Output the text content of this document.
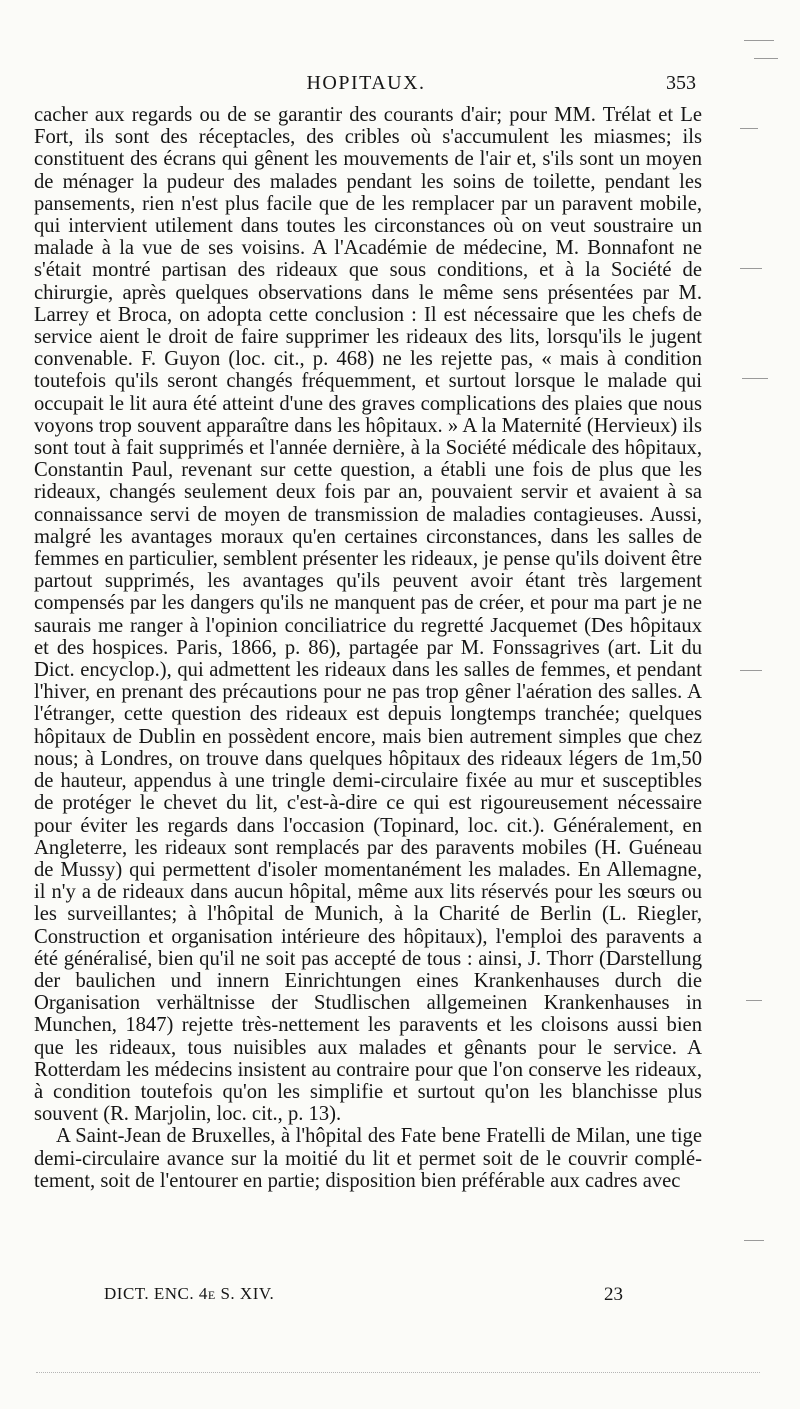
HOPITAUX.	353

cacher aux regards ou de se garantir des courants d'air; pour MM. Trélat et Le Fort, ils sont des réceptacles, des cribles où s'accumulent les miasmes; ils constituent des écrans qui gênent les mouvements de l'air et, s'ils sont un moyen de ménager la pudeur des malades pendant les soins de toilette, pendant les pansements, rien n'est plus facile que de les remplacer par un paravent mobile, qui intervient utilement dans toutes les circonstances où on veut soustraire un malade à la vue de ses voisins. A l'Académie de médecine, M. Bonnafont ne s'était montré partisan des rideaux que sous conditions, et à la Société de chirurgie, après quelques observations dans le même sens présentées par M. Larrey et Broca, on adopta cette conclusion : Il est nécessaire que les chefs de service aient le droit de faire supprimer les rideaux des lits, lorsqu'ils le jugent convenable. F. Guyon (loc. cit., p. 468) ne les rejette pas, « mais à condition toutefois qu'ils seront changés fréquemment, et surtout lorsque le malade qui occupait le lit aura été atteint d'une des graves complications des plaies que nous voyons trop souvent apparaître dans les hôpitaux. » A la Maternité (Hervieux) ils sont tout à fait supprimés et l'année dernière, à la Société médicale des hôpitaux, Constantin Paul, revenant sur cette question, a établi une fois de plus que les rideaux, changés seulement deux fois par an, pouvaient servir et avaient à sa connaissance servi de moyen de transmission de maladies contagieuses. Aussi, malgré les avantages moraux qu'en certaines circonstances, dans les salles de femmes en particulier, semblent présenter les rideaux, je pense qu'ils doivent être partout supprimés, les avantages qu'ils peuvent avoir étant très largement compensés par les dangers qu'ils ne manquent pas de créer, et pour ma part je ne saurais me ranger à l'opinion conciliatrice du regretté Jacquemet (Des hôpitaux et des hospices. Paris, 1866, p. 86), partagée par M. Fonssagrives (art. Lit du Dict. encyclop.), qui admettent les rideaux dans les salles de femmes, et pendant l'hiver, en prenant des précautions pour ne pas trop gêner l'aération des salles. A l'étranger, cette question des rideaux est depuis longtemps tranchée; quelques hôpitaux de Dublin en possèdent encore, mais bien autrement simples que chez nous; à Londres, on trouve dans quelques hôpitaux des rideaux légers de 1m,50 de hauteur, appendus à une tringle demi-circulaire fixée au mur et susceptibles de protéger le chevet du lit, c'est-à-dire ce qui est rigoureusement nécessaire pour éviter les regards dans l'occasion (Topinard, loc. cit.). Généralement, en Angleterre, les rideaux sont remplacés par des paravents mobiles (H. Guéneau de Mussy) qui permettent d'isoler momentanément les malades. En Allemagne, il n'y a de rideaux dans aucun hôpital, même aux lits réservés pour les sœurs ou les surveillantes; à l'hôpital de Munich, à la Charité de Berlin (L. Riegler, Construction et organisation intérieure des hôpitaux), l'emploi des paravents a été généralisé, bien qu'il ne soit pas accepté de tous : ainsi, J. Thorr (Darstellung der baulichen und innern Einrichtungen eines Krankenhauses durch die Organisation verhältnisse der Studlischen allgemeinen Krankenhauses in Munchen, 1847) rejette très-nettement les paravents et les cloisons aussi bien que les rideaux, tous nuisibles aux malades et gênants pour le service. A Rotterdam les médecins insistent au contraire pour que l'on conserve les rideaux, à condition toutefois qu'on les simplifie et surtout qu'on les blanchisse plus souvent (R. Marjolin, loc. cit., p. 13).

A Saint-Jean de Bruxelles, à l'hôpital des Fate bene Fratelli de Milan, une tige demi-circulaire avance sur la moitié du lit et permet soit de le couvrir complétement, soit de l'entourer en partie; disposition bien préférable aux cadres avec

DICT. ENC. 4e S. XIV.	23
